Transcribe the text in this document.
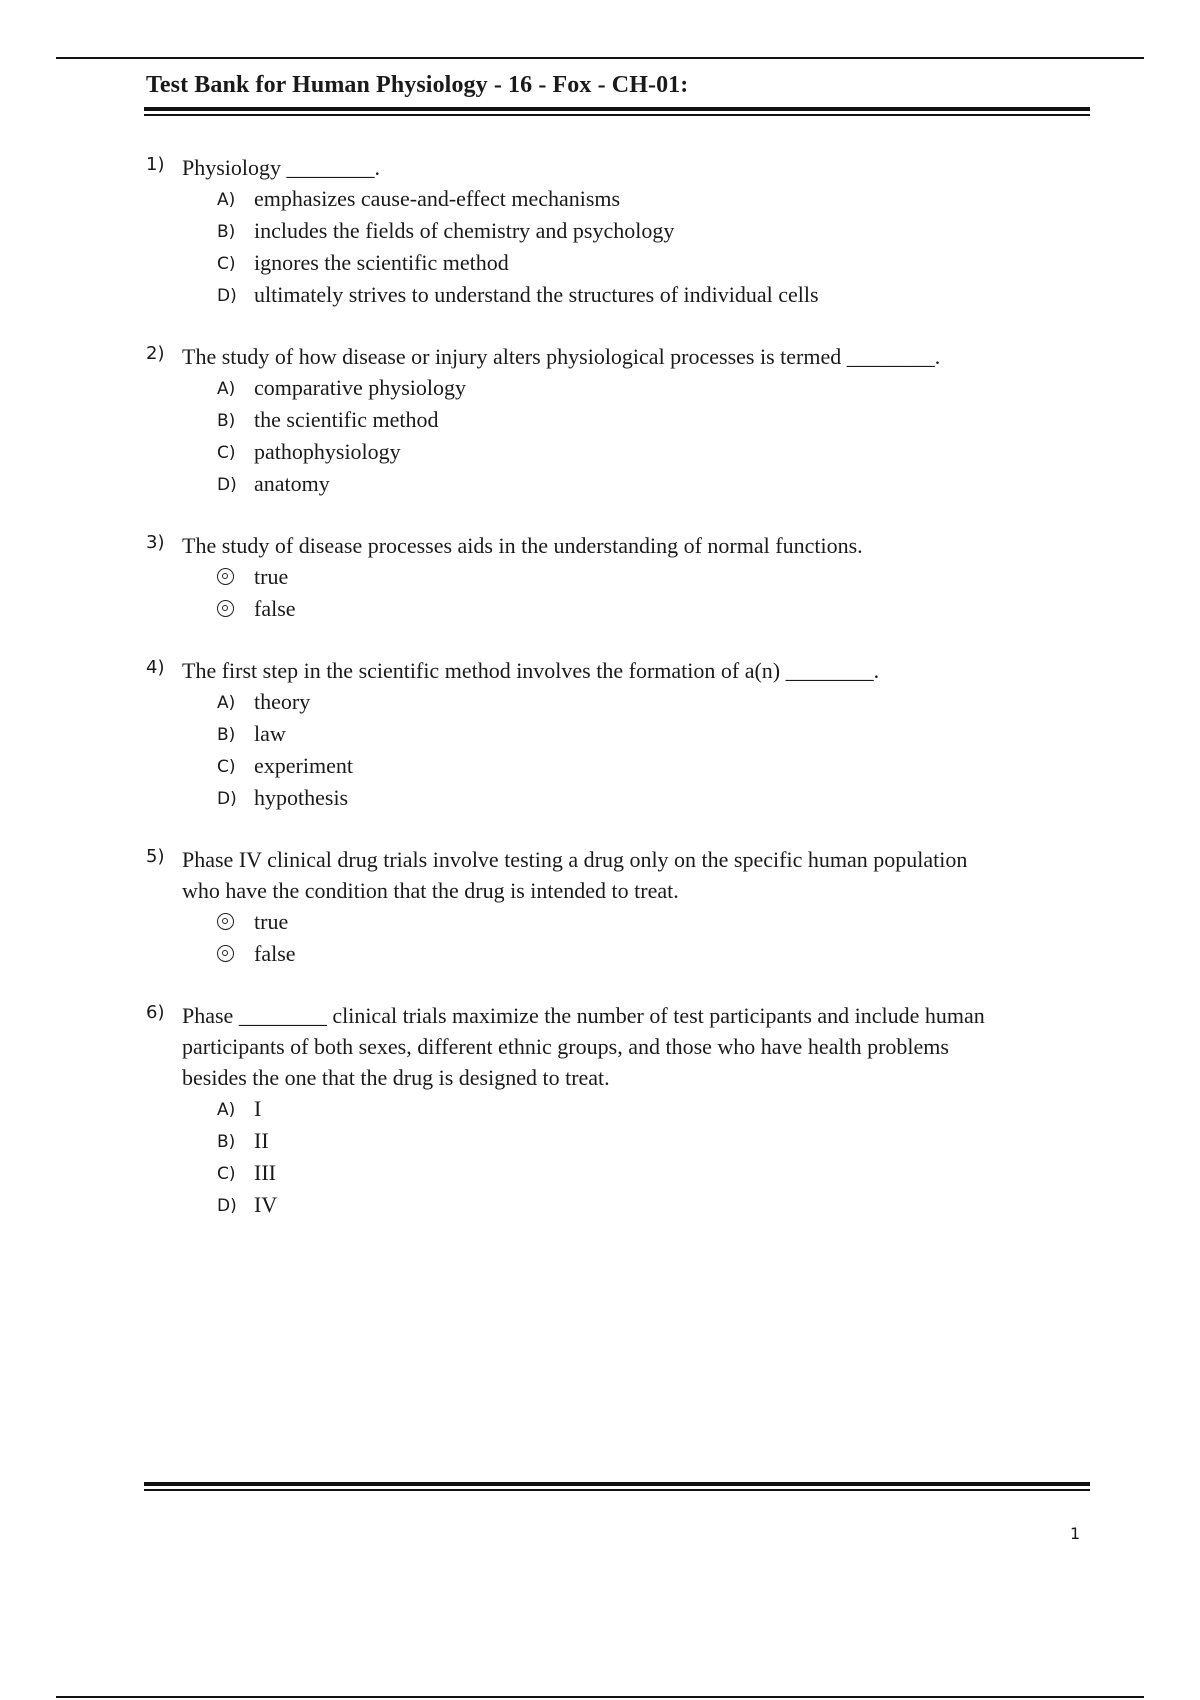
Test Bank for Human Physiology - 16 - Fox - CH-01:
1) Physiology ________.
A) emphasizes cause-and-effect mechanisms
B) includes the fields of chemistry and psychology
C) ignores the scientific method
D) ultimately strives to understand the structures of individual cells
2) The study of how disease or injury alters physiological processes is termed ________.
A) comparative physiology
B) the scientific method
C) pathophysiology
D) anatomy
3) The study of disease processes aids in the understanding of normal functions.
true
false
4) The first step in the scientific method involves the formation of a(n) ________.
A) theory
B) law
C) experiment
D) hypothesis
5) Phase IV clinical drug trials involve testing a drug only on the specific human population
who have the condition that the drug is intended to treat.
true
false
6) Phase ________ clinical trials maximize the number of test participants and include human
participants of both sexes, different ethnic groups, and those who have health problems
besides the one that the drug is designed to treat.
A) I
B) II
C) III
D) IV
1
